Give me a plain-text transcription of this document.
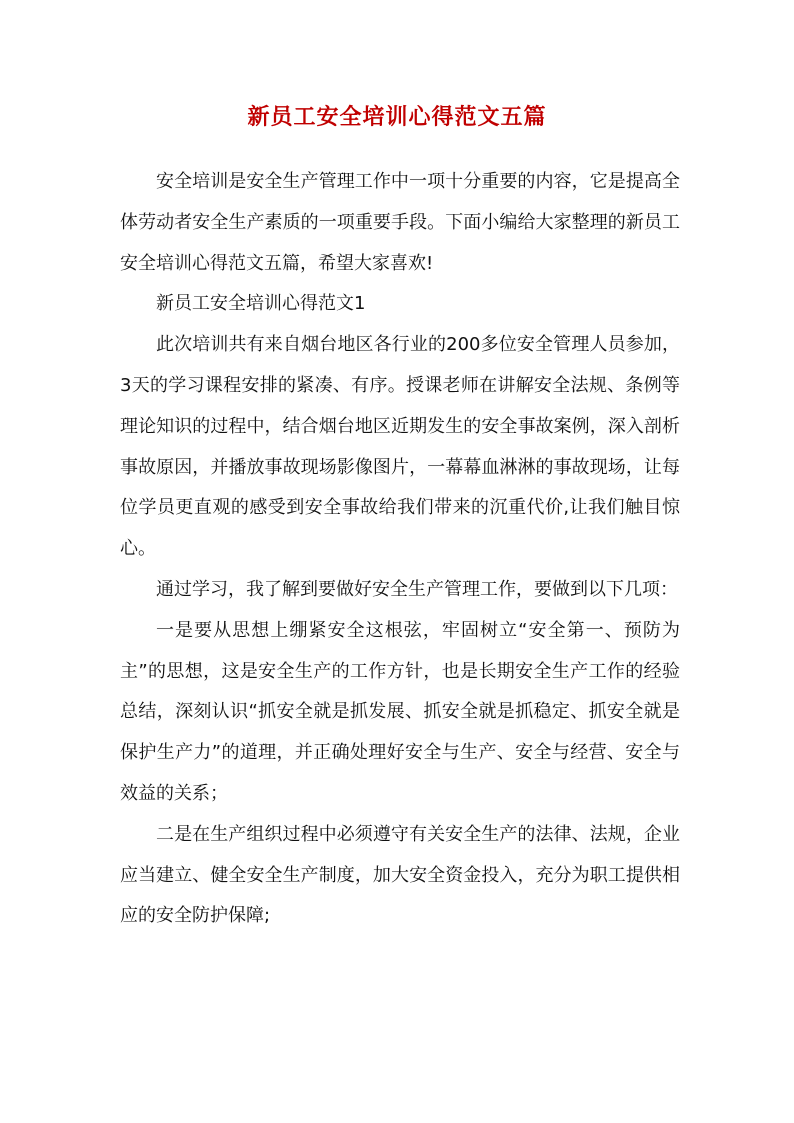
新员工安全培训心得范文五篇

安全培训是安全生产管理工作中一项十分重要的内容，它是提高全体劳动者安全生产素质的一项重要手段。下面小编给大家整理的新员工安全培训心得范文五篇，希望大家喜欢!

新员工安全培训心得范文1

此次培训共有来自烟台地区各行业的200多位安全管理人员参加，3天的学习课程安排的紧凑、有序。授课老师在讲解安全法规、条例等理论知识的过程中，结合烟台地区近期发生的安全事故案例，深入剖析事故原因，并播放事故现场影像图片，一幕幕血淋淋的事故现场，让每位学员更直观的感受到安全事故给我们带来的沉重代价,让我们触目惊心。

通过学习，我了解到要做好安全生产管理工作，要做到以下几项：

一是要从思想上绷紧安全这根弦，牢固树立“安全第一、预防为主”的思想，这是安全生产的工作方针，也是长期安全生产工作的经验总结，深刻认识“抓安全就是抓发展、抓安全就是抓稳定、抓安全就是保护生产力”的道理，并正确处理好安全与生产、安全与经营、安全与效益的关系；

二是在生产组织过程中必须遵守有关安全生产的法律、法规，企业应当建立、健全安全生产制度，加大安全资金投入，充分为职工提供相应的安全防护保障;
